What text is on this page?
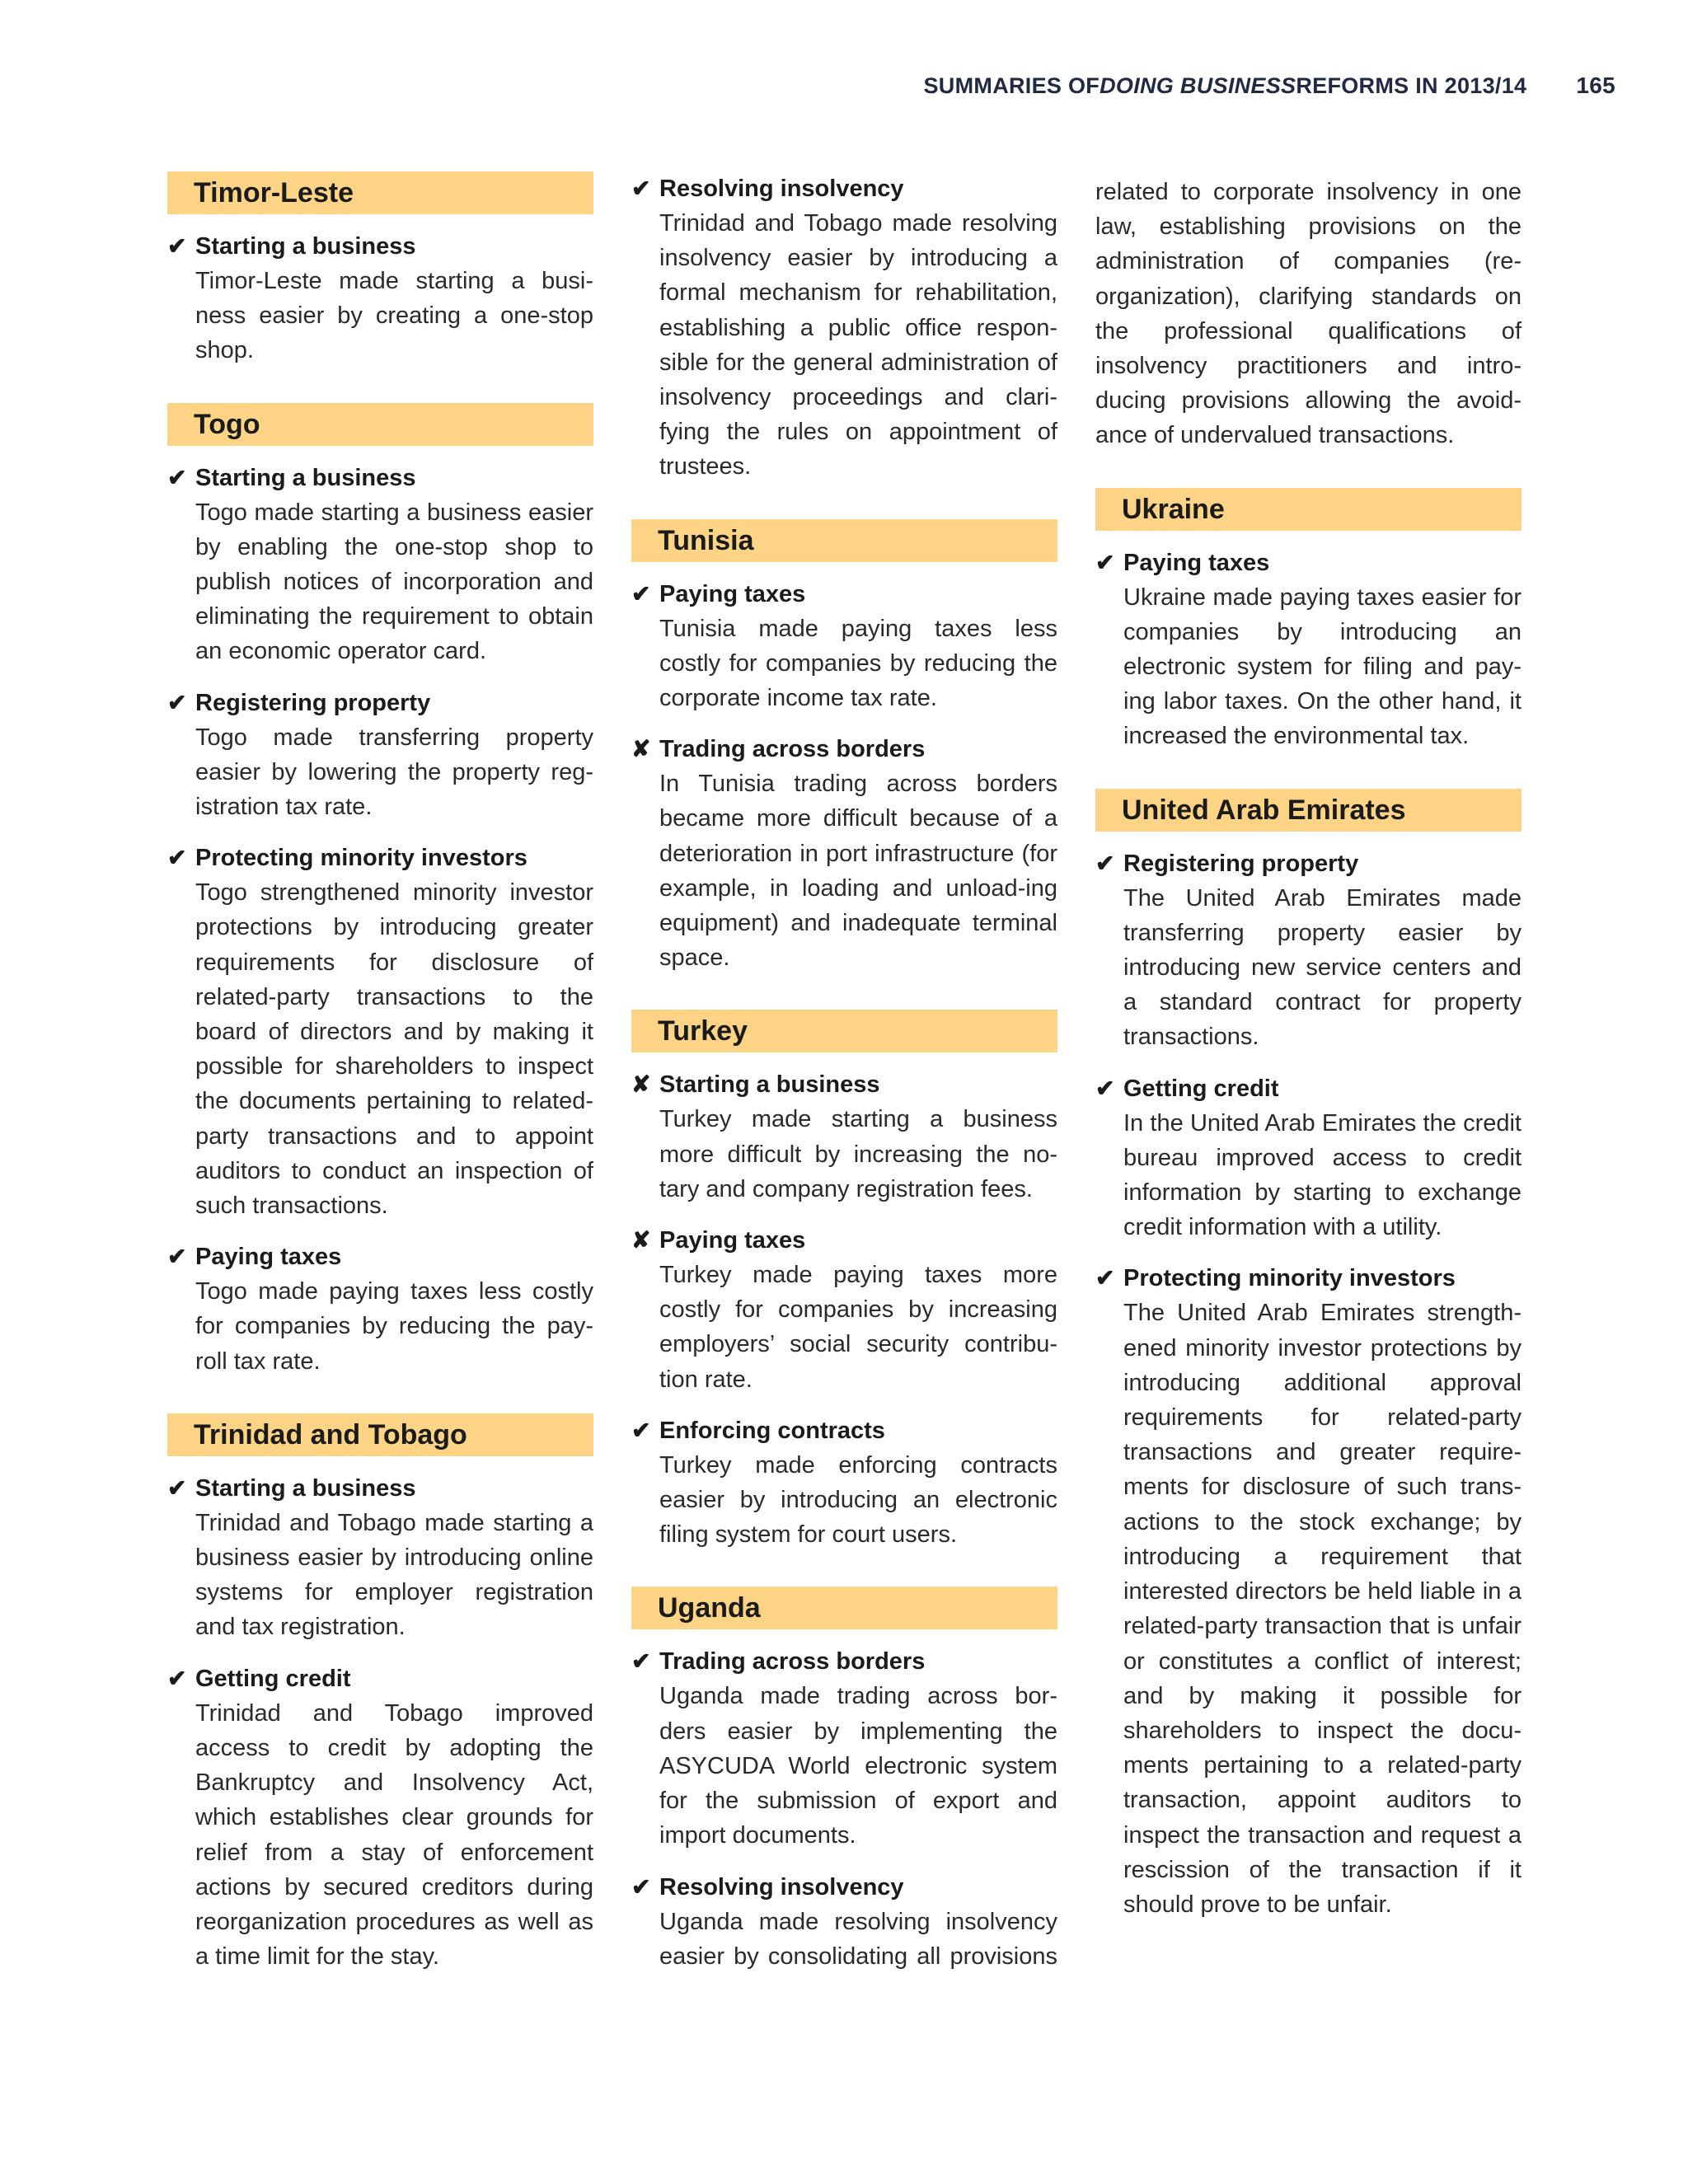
SUMMARIES OF DOING BUSINESS REFORMS IN 2013/14 165
Timor-Leste
✔ Starting a business
Timor-Leste made starting a busi-ness easier by creating a one-stop shop.
Togo
✔ Starting a business
Togo made starting a business easier by enabling the one-stop shop to publish notices of incorporation and eliminating the requirement to obtain an economic operator card.
✔ Registering property
Togo made transferring property easier by lowering the property reg-istration tax rate.
✔ Protecting minority investors
Togo strengthened minority investor protections by introducing greater requirements for disclosure of related-party transactions to the board of directors and by making it possible for shareholders to inspect the documents pertaining to related-party transactions and to appoint auditors to conduct an inspection of such transactions.
✔ Paying taxes
Togo made paying taxes less costly for companies by reducing the pay-roll tax rate.
Trinidad and Tobago
✔ Starting a business
Trinidad and Tobago made starting a business easier by introducing online systems for employer registration and tax registration.
✔ Getting credit
Trinidad and Tobago improved access to credit by adopting the Bankruptcy and Insolvency Act, which establishes clear grounds for relief from a stay of enforcement actions by secured creditors during reorganization procedures as well as a time limit for the stay.
✔ Resolving insolvency
Trinidad and Tobago made resolving insolvency easier by introducing a formal mechanism for rehabilitation, establishing a public office respon-sible for the general administration of insolvency proceedings and clari-fying the rules on appointment of trustees.
Tunisia
✔ Paying taxes
Tunisia made paying taxes less costly for companies by reducing the corporate income tax rate.
✘ Trading across borders
In Tunisia trading across borders became more difficult because of a deterioration in port infrastructure (for example, in loading and unload-ing equipment) and inadequate terminal space.
Turkey
✘ Starting a business
Turkey made starting a business more difficult by increasing the no-tary and company registration fees.
✘ Paying taxes
Turkey made paying taxes more costly for companies by increasing employers’ social security contribu-tion rate.
✔ Enforcing contracts
Turkey made enforcing contracts easier by introducing an electronic filing system for court users.
Uganda
✔ Trading across borders
Uganda made trading across bor-ders easier by implementing the ASYCUDA World electronic system for the submission of export and import documents.
✔ Resolving insolvency
Uganda made resolving insolvency easier by consolidating all provisions
related to corporate insolvency in one law, establishing provisions on the administration of companies (re-organization), clarifying standards on the professional qualifications of insolvency practitioners and intro-ducing provisions allowing the avoid-ance of undervalued transactions.
Ukraine
✔ Paying taxes
Ukraine made paying taxes easier for companies by introducing an electronic system for filing and pay-ing labor taxes. On the other hand, it increased the environmental tax.
United Arab Emirates
✔ Registering property
The United Arab Emirates made transferring property easier by introducing new service centers and a standard contract for property transactions.
✔ Getting credit
In the United Arab Emirates the credit bureau improved access to credit information by starting to exchange credit information with a utility.
✔ Protecting minority investors
The United Arab Emirates strength-ened minority investor protections by introducing additional approval requirements for related-party transactions and greater require-ments for disclosure of such trans-actions to the stock exchange; by introducing a requirement that interested directors be held liable in a related-party transaction that is unfair or constitutes a conflict of interest; and by making it possible for shareholders to inspect the docu-ments pertaining to a related-party transaction, appoint auditors to inspect the transaction and request a rescission of the transaction if it should prove to be unfair.
